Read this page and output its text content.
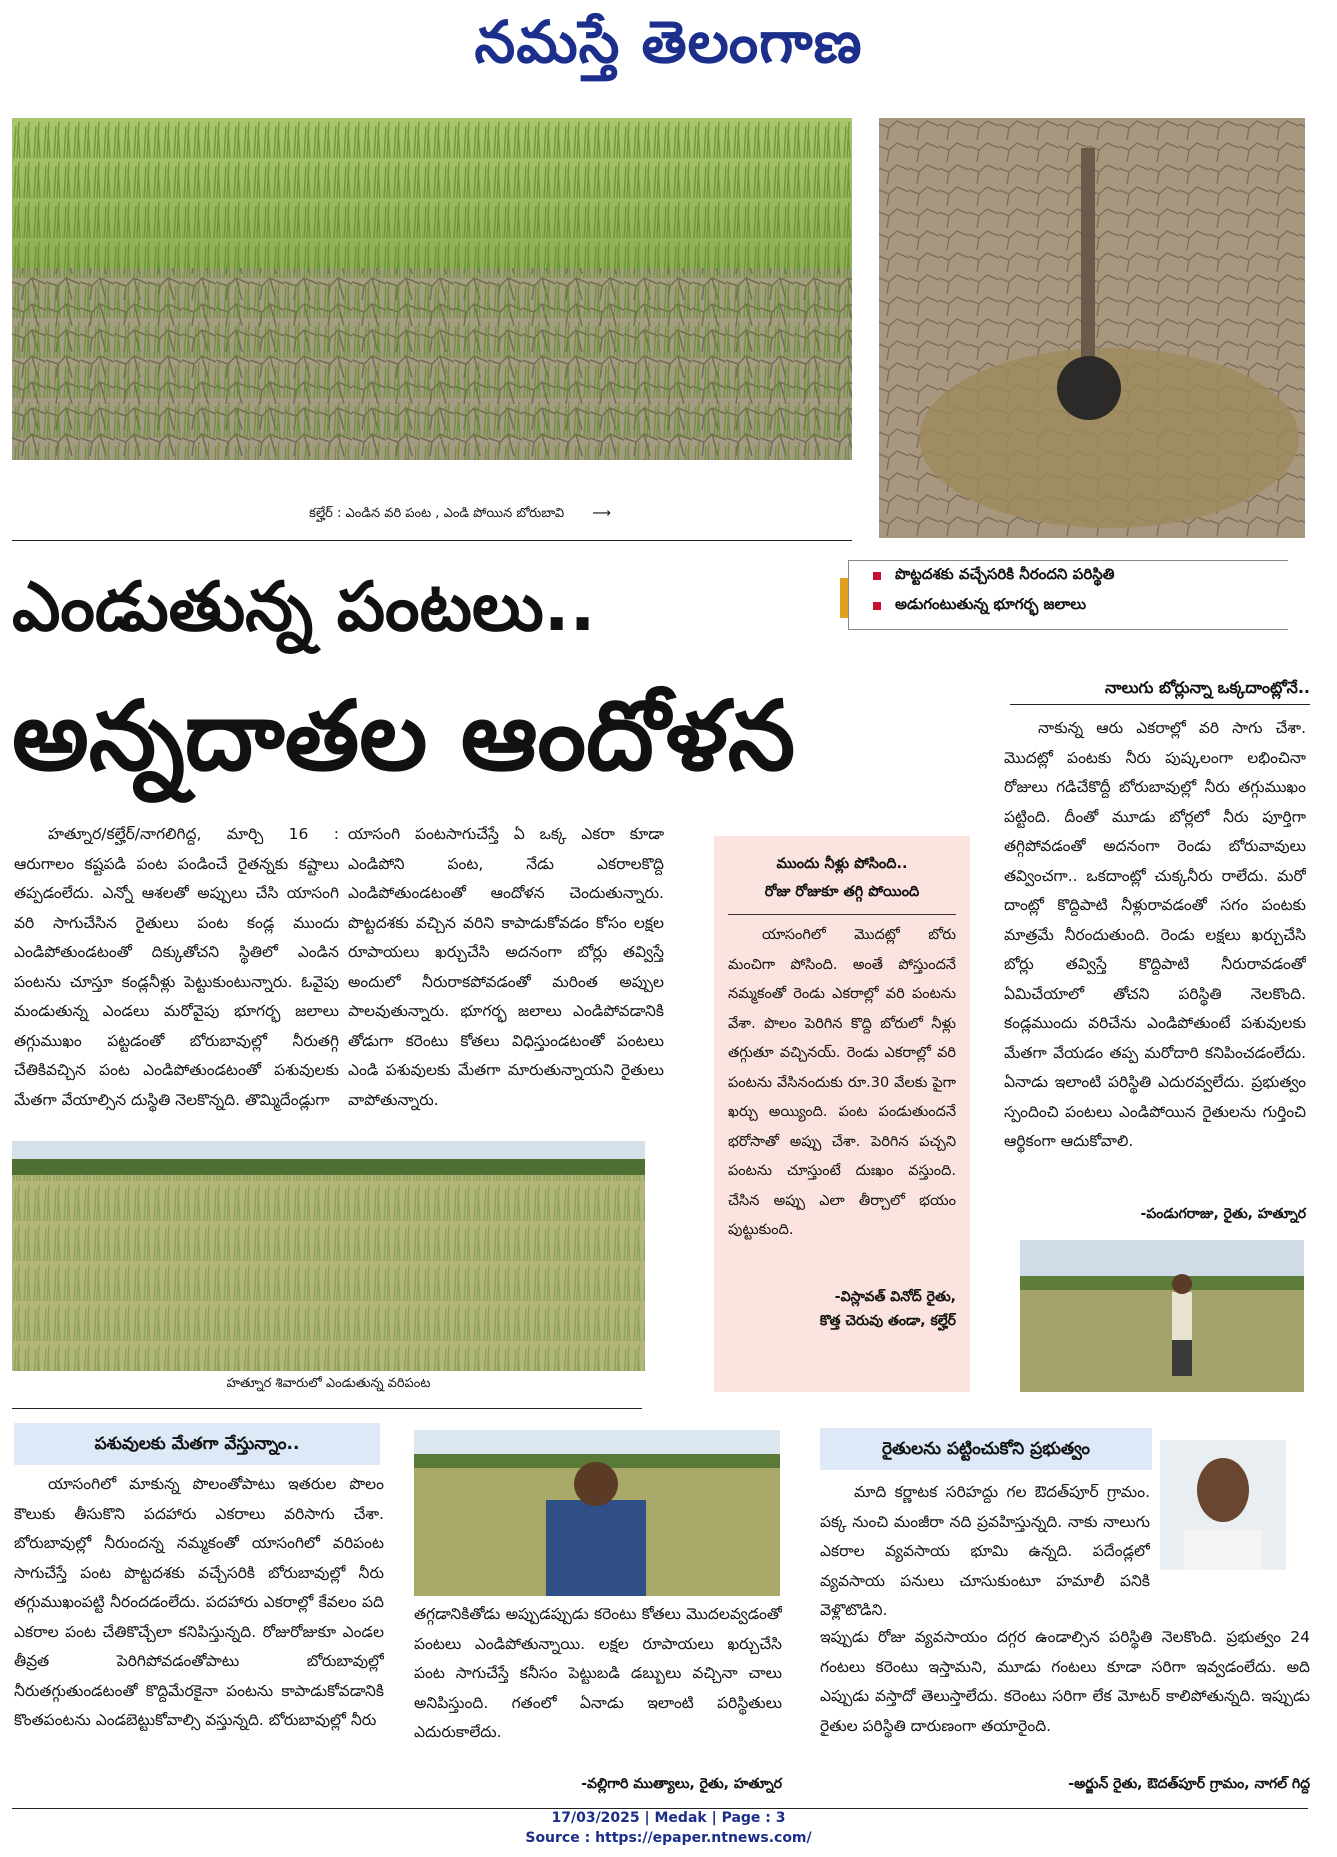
నమస్తే తెలంగాణ
కల్హేర్ : ఎండిన వరి పంట , ఎండి పోయిన బోరుబావి ⟶
పొట్టదశకు వచ్చేసరికి నీరందని పరిస్థితి
అడుగంటుతున్న భూగర్భ జలాలు
ఎండుతున్న పంటలు..
అన్నదాతల ఆందోళన	నాలుగు బోర్లున్నా ఒక్కదాంట్లోనే..

హత్నూర/కల్హేర్/నాగలిగిద్ద, మార్చి 16 : ఆరుగాలం కష్టపడి పంట పండించే రైతన్నకు కష్టాలు తప్పడంలేదు. ఎన్నో ఆశలతో అప్పులు చేసి యాసంగి వరి సాగుచేసిన రైతులు పంట కండ్ల ముందు ఎండిపోతుండటంతో దిక్కుతోచని స్థితిలో ఎండిన పంటను చూస్తూ కండ్లనీళ్లు పెట్టుకుంటున్నారు. ఓవైపు మండుతున్న ఎండలు మరోవైపు భూగర్భ జలాలు తగ్గుముఖం పట్టడంతో బోరుబావుల్లో నీరుతగ్గి చేతికివచ్చిన పంట ఎండిపోతుండటంతో పశువులకు మేతగా వేయాల్సిన దుస్థితి నెలకొన్నది. తొమ్మిదేండ్లుగా

యాసంగి పంటసాగుచేస్తే ఏ ఒక్క ఎకరా కూడా ఎండిపోని పంట, నేడు ఎకరాలకొద్ది ఎండిపోతుండటంతో ఆందోళన చెందుతున్నారు. పొట్టదశకు వచ్చిన వరిని కాపాడుకోవడం కోసం లక్షల రూపాయలు ఖర్చుచేసి అదనంగా బోర్లు తవ్విస్తే అందులో నీరురాకపోవడంతో మరింత అప్పుల పాలవుతున్నారు. భూగర్భ జలాలు ఎండిపోవడానికి తోడుగా కరెంటు కోతలు విధిస్తుండటంతో పంటలు ఎండి పశువులకు మేతగా మారుతున్నాయని రైతులు వాపోతున్నారు.

ముందు నీళ్లు పోసింది..
రోజు రోజుకూ తగ్గి పోయింది

యాసంగిలో మొదట్లో బోరు మంచిగా పోసింది. అంతే పోస్తుందనే నమ్మకంతో రెండు ఎకరాల్లో వరి పంటను వేశా. పొలం పెరిగిన కొద్ది బోరులో నీళ్లు తగ్గుతూ వచ్చినయ్. రెండు ఎకరాల్లో వరి పంటను వేసినందుకు రూ.30 వేలకు పైగా ఖర్చు అయ్యింది. పంట పండుతుందనే భరోసాతో అప్పు చేశా. పెరిగిన పచ్చని పంటను చూస్తుంటే దుఃఖం వస్తుంది. చేసిన అప్పు ఎలా తీర్చాలో భయం పుట్టుకుంది.

-విస్లావత్ వినోద్ రైతు,
కొత్త చెరువు తండా, కల్హేర్

నాకున్న ఆరు ఎకరాల్లో వరి సాగు చేశా. మొదట్లో పంటకు నీరు పుష్కలంగా లభించినా రోజులు గడిచేకొద్దీ బోరుబావుల్లో నీరు తగ్గుముఖం పట్టింది. దీంతో మూడు బోర్లలో నీరు పూర్తిగా తగ్గిపోవడంతో అదనంగా రెండు బోరువావులు తవ్వించగా.. ఒకదాంట్లో చుక్కనీరు రాలేదు. మరో దాంట్లో కొద్దిపాటి నీళ్లురావడంతో సగం పంటకు మాత్రమే నీరందుతుంది. రెండు లక్షలు ఖర్చుచేసి బోర్లు తవ్విస్తే కొద్దిపాటి నీరురావడంతో ఏమిచేయాలో తోచని పరిస్థితి నెలకొంది. కండ్లముందు వరిచేను ఎండిపోతుంటే పశువులకు మేతగా వేయడం తప్ప మరోదారి కనిపించడంలేదు. ఏనాడు ఇలాంటి పరిస్థితి ఎదురవ్వలేదు. ప్రభుత్వం స్పందించి పంటలు ఎండిపోయిన రైతులను గుర్తించి ఆర్థికంగా ఆదుకోవాలి.

-పండుగరాజు, రైతు, హత్నూర
హత్నూర శివారులో ఎండుతున్న వరిపంట
పశువులకు మేతగా వేస్తున్నాం..

యాసంగిలో మాకున్న పొలంతోపాటు ఇతరుల పొలం కౌలుకు తీసుకొని పదహారు ఎకరాలు వరిసాగు చేశా. బోరుబావుల్లో నీరుందన్న నమ్మకంతో యాసంగిలో వరిపంట సాగుచేస్తే పంట పొట్టదశకు వచ్చేసరికి బోరుబావుల్లో నీరు తగ్గుముఖంపట్టి నీరందడంలేదు. పదహారు ఎకరాల్లో కేవలం పది ఎకరాల పంట చేతికొచ్చేలా కనిపిస్తున్నది. రోజురోజుకూ ఎండల తీవ్రత పెరిగిపోవడంతోపాటు బోరుబావుల్లో నీరుతగ్గుతుండటంతో కొద్దిమేరకైనా పంటను కాపాడుకోవడానికి కొంతపంటను ఎండబెట్టుకోవాల్సి వస్తున్నది. బోరుబావుల్లో నీరు

తగ్గడానికితోడు అప్పుడప్పుడు కరెంటు కోతలు మొదలవ్వడంతో పంటలు ఎండిపోతున్నాయి. లక్షల రూపాయలు ఖర్చుచేసి పంట సాగుచేస్తే కనీసం పెట్టుబడి డబ్బులు వచ్చినా చాలు అనిపిస్తుంది. గతంలో ఏనాడు ఇలాంటి పరిస్థితులు ఎదురుకాలేదు.

-వల్లిగారి ముత్యాలు, రైతు, హత్నూర
రైతులను పట్టించుకోని ప్రభుత్వం

మాది కర్ణాటక సరిహద్దు గల ఔదత్‌పూర్ గ్రామం. పక్క నుంచి మంజీరా నది ప్రవహిస్తున్నది. నాకు నాలుగు ఎకరాల వ్యవసాయ భూమి ఉన్నది. పదేండ్లలో వ్యవసాయ పనులు చూసుకుంటూ హమాలీ పనికి వెళ్లొటొడిని.

ఇప్పుడు రోజు వ్యవసాయం దగ్గర ఉండాల్సిన పరిస్థితి నెలకొంది. ప్రభుత్వం 24 గంటలు కరెంటు ఇస్తామని, మూడు గంటలు కూడా సరిగా ఇవ్వడంలేదు. అది ఎప్పుడు వస్తాదో తెలుస్తాలేదు. కరెంటు సరిగా లేక మోటర్ కాలిపోతున్నది. ఇప్పుడు రైతుల పరిస్థితి దారుణంగా తయారైంది.

-అర్జున్ రైతు, ఔదత్‌పూర్ గ్రామం, నాగల్ గిద్ద
17/03/2025 | Medak | Page : 3
Source : https://epaper.ntnews.com/
